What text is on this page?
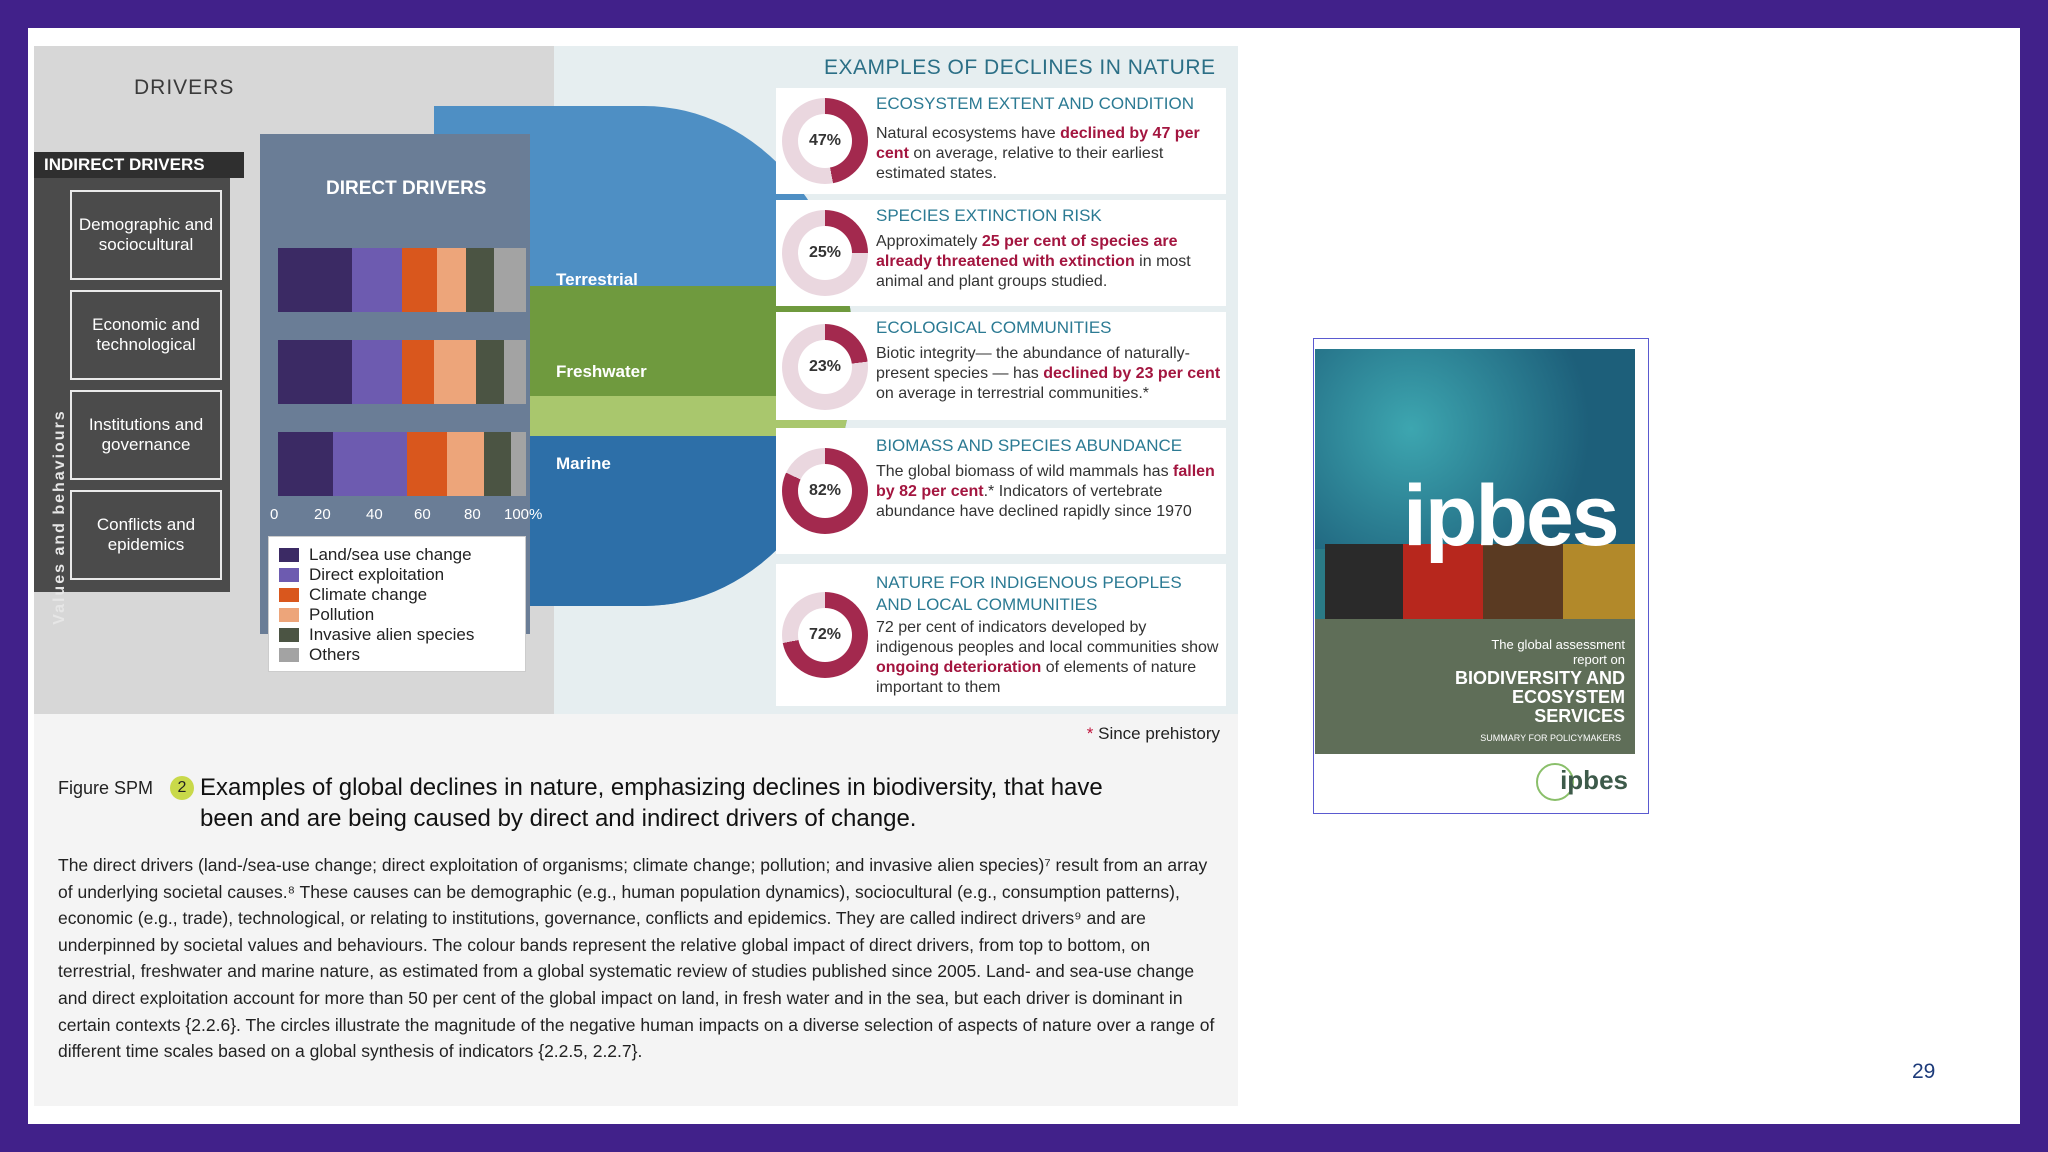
DRIVERS
INDIRECT DRIVERS
Values and behaviours
Demographic and sociocultural
Economic and technological
Institutions and governance
Conflicts and epidemics
DIRECT DRIVERS
Terrestrial
Freshwater
Marine
0 20 40 60 80 100%
Land/sea use change
Direct exploitation
Climate change
Pollution
Invasive alien species
Others
EXAMPLES OF DECLINES IN NATURE
47%
ECOSYSTEM EXTENT AND CONDITION
Natural ecosystems have declined by 47 per cent on average, relative to their earliest estimated states.
25%
SPECIES EXTINCTION RISK
Approximately 25 per cent of species are already threatened with extinction in most animal and plant groups studied.
23%
ECOLOGICAL COMMUNITIES
Biotic integrity— the abundance of naturally-present species — has declined by 23 per cent on average in terrestrial communities.*
82%
BIOMASS AND SPECIES ABUNDANCE
The global biomass of wild mammals has fallen by 82 per cent.* Indicators of vertebrate abundance have declined rapidly since 1970
72%
NATURE FOR INDIGENOUS PEOPLES AND LOCAL COMMUNITIES
72 per cent of indicators developed by indigenous peoples and local communities show ongoing deterioration of elements of nature important to them
* Since prehistory
Figure SPM	2 Examples of global declines in nature, emphasizing declines in biodiversity, that have been and are being caused by direct and indirect drivers of change.
The direct drivers (land-/sea-use change; direct exploitation of organisms; climate change; pollution; and invasive alien species)⁷ result from an array of underlying societal causes.⁸ These causes can be demographic (e.g., human population dynamics), sociocultural (e.g., consumption patterns), economic (e.g., trade), technological, or relating to institutions, governance, conflicts and epidemics. They are called indirect drivers⁹ and are underpinned by societal values and behaviours. The colour bands represent the relative global impact of direct drivers, from top to bottom, on terrestrial, freshwater and marine nature, as estimated from a global systematic review of studies published since 2005. Land- and sea-use change and direct exploitation account for more than 50 per cent of the global impact on land, in fresh water and in the sea, but each driver is dominant in certain contexts {2.2.6}. The circles illustrate the magnitude of the negative human impacts on a diverse selection of aspects of nature over a range of different time scales based on a global synthesis of indicators {2.2.5, 2.2.7}.
ipbes
The global assessment report on
BIODIVERSITY AND ECOSYSTEM SERVICES
SUMMARY FOR POLICYMAKERS
ipbes
29
